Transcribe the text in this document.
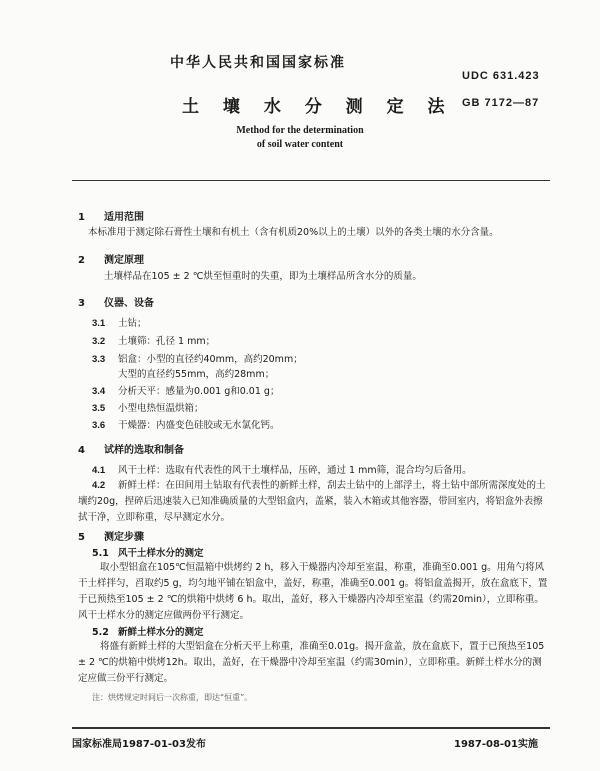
中华人民共和国国家标准
UDC 631.423
土 壤 水 分 测 定 法 GB 7172—87
Method for the determination
of soil water content
1 适用范围
本标准用于测定除石膏性土壤和有机土（含有机质20%以上的土壤）以外的各类土壤的水分含量。
2 测定原理
土壤样品在105 ± 2 ℃烘至恒重时的失重，即为土壤样品所含水分的质量。
3 仪器、设备
3.1 土钻；
3.2 土壤筛：孔径 1 mm；
3.3 铝盒：小型的直径约40mm，高约20mm；
大型的直径约55mm，高约28mm；
3.4 分析天平：感量为0.001 g和0.01 g；
3.5 小型电热恒温烘箱；
3.6 干燥器：内盛变色硅胶或无水氯化钙。
4 试样的选取和制备
4.1 风干土样：选取有代表性的风干土壤样品，压碎，通过 1 mm筛，混合均匀后备用。
4.2 新鲜土样：在田间用土钻取有代表性的新鲜土样，刮去土钻中的上部浮土，将土钻中部所需深度处的土壤约20g，捏碎后迅速装入已知准确质量的大型铝盒内，盖紧，装入木箱或其他容器，带回室内，将铝盒外表擦拭干净，立即称重，尽早测定水分。
5 测定步骤
5.1 风干土样水分的测定
取小型铝盒在105℃恒温箱中烘烤约 2 h，移入干燥器内冷却至室温，称重，准确至0.001 g。用角勺将风干土样拌匀，舀取约5 g，均匀地平铺在铝盒中，盖好，称重，准确至0.001 g。将铝盒盖揭开，放在盒底下，置于已预热至105 ± 2 ℃的烘箱中烘烤 6 h。取出，盖好，移入干燥器内冷却至室温（约需20min），立即称重。风干土样水分的测定应做两份平行测定。
5.2 新鲜土样水分的测定
将盛有新鲜土样的大型铝盒在分析天平上称重，准确至0.01g。揭开盒盖，放在盒底下，置于已预热至105 ± 2 ℃的烘箱中烘烤12h。取出，盖好，在干燥器中冷却至室温（约需30min），立即称重。新鲜土样水分的测定应做三份平行测定。
注：烘烤规定时间后一次称重，即达“恒重”。
国家标准局1987-01-03发布	1987-08-01实施
